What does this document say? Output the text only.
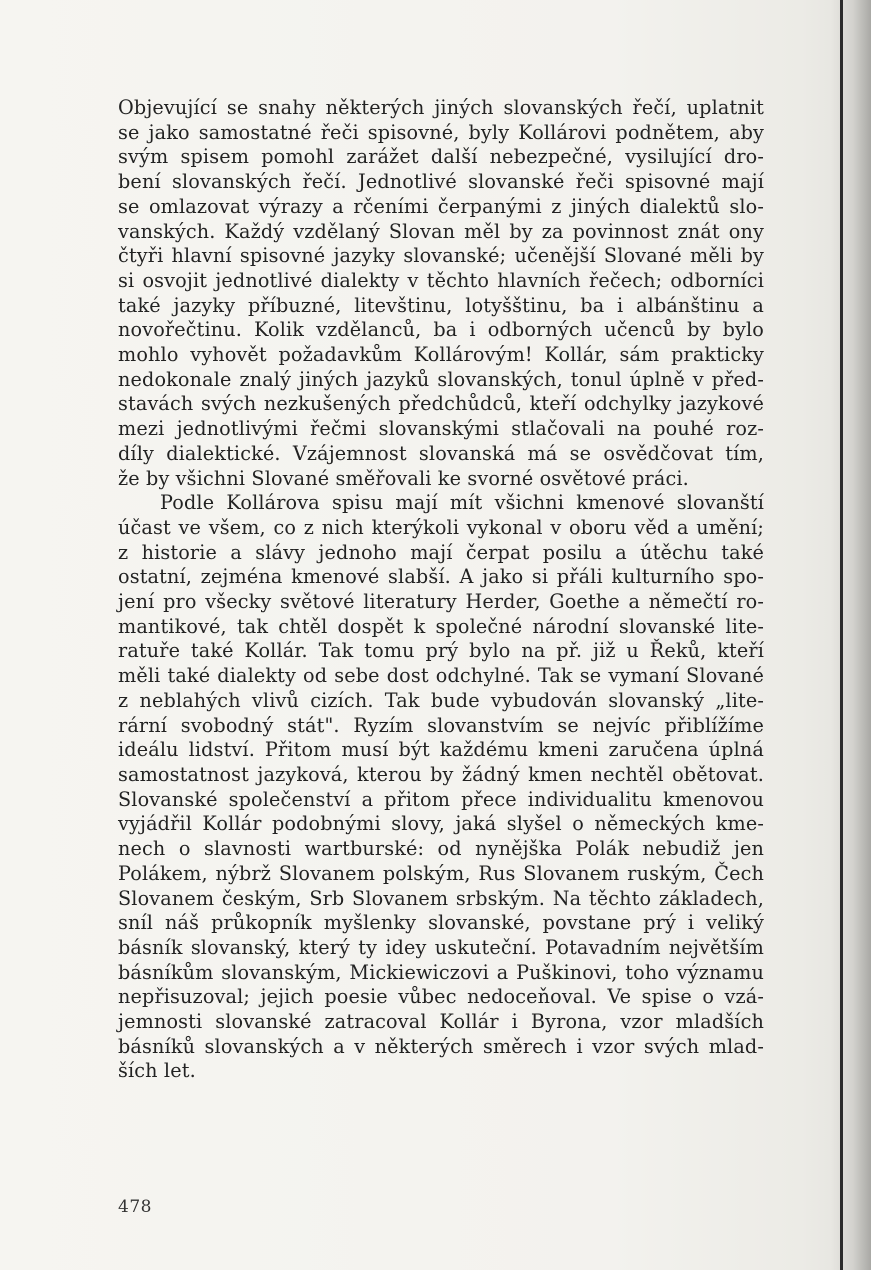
Objevující se snahy některých jiných slovanských řečí, uplatnit
se jako samostatné řeči spisovné, byly Kollárovi podnětem, aby
svým spisem pomohl zarážet další nebezpečné, vysilující dro-
bení slovanských řečí. Jednotlivé slovanské řeči spisovné mají
se omlazovat výrazy a rčeními čerpanými z jiných dialektů slo-
vanských. Každý vzdělaný Slovan měl by za povinnost znát ony
čtyři hlavní spisovné jazyky slovanské; učenější Slované měli by
si osvojit jednotlivé dialekty v těchto hlavních řečech; odborníci
také jazyky příbuzné, litevštinu, lotyšštinu, ba i albánštinu a
novořečtinu. Kolik vzdělanců, ba i odborných učenců by bylo
mohlo vyhovět požadavkům Kollárovým! Kollár, sám prakticky
nedokonale znalý jiných jazyků slovanských, tonul úplně v před-
stavách svých nezkušených předchůdců, kteří odchylky jazykové
mezi jednotlivými řečmi slovanskými stlačovali na pouhé roz-
díly dialektické. Vzájemnost slovanská má se osvědčovat tím,
že by všichni Slované směřovali ke svorné osvětové práci.
Podle Kollárova spisu mají mít všichni kmenové slovanští
účast ve všem, co z nich kterýkoli vykonal v oboru věd a umění;
z historie a slávy jednoho mají čerpat posilu a útěchu také
ostatní, zejména kmenové slabší. A jako si přáli kulturního spo-
jení pro všecky světové literatury Herder, Goethe a němečtí ro-
mantikové, tak chtěl dospět k společné národní slovanské lite-
ratuře také Kollár. Tak tomu prý bylo na př. již u Řeků, kteří
měli také dialekty od sebe dost odchylné. Tak se vymaní Slované
z neblahých vlivů cizích. Tak bude vybudován slovanský „lite-
rární svobodný stát". Ryzím slovanstvím se nejvíc přiblížíme
ideálu lidství. Přitom musí být každému kmeni zaručena úplná
samostatnost jazyková, kterou by žádný kmen nechtěl obětovat.
Slovanské společenství a přitom přece individualitu kmenovou
vyjádřil Kollár podobnými slovy, jaká slyšel o německých kme-
nech o slavnosti wartburské: od nynějška Polák nebudiž jen
Polákem, nýbrž Slovanem polským, Rus Slovanem ruským, Čech
Slovanem českým, Srb Slovanem srbským. Na těchto základech,
sníl náš průkopník myšlenky slovanské, povstane prý i veliký
básník slovanský, který ty idey uskuteční. Potavadním největším
básníkům slovanským, Mickiewiczovi a Puškinovi, toho významu
nepřisuzoval; jejich poesie vůbec nedoceňoval. Ve spise o vzá-
jemnosti slovanské zatracoval Kollár i Byrona, vzor mladších
básníků slovanských a v některých směrech i vzor svých mlad-
ších let.
478
